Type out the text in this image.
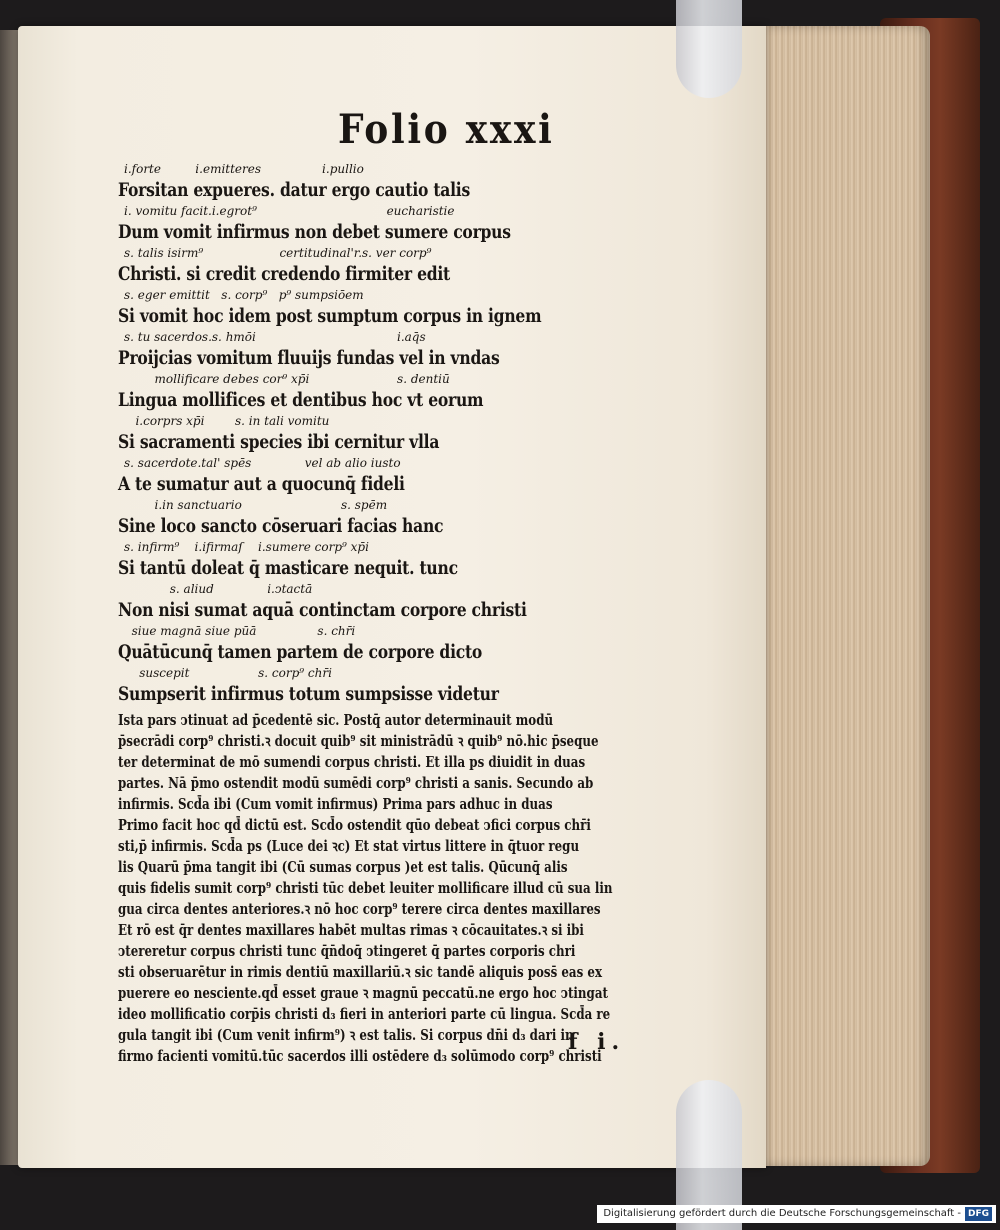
Folio xxxi
i.forte         i.emitteres                i.pullio
Forsitan expueres. datur ergo cautio talis
i. vomitu facit.i.egrot⁹                                  eucharistie
Dum vomit infirmus non debet sumere corpus
s. talis isirm⁹                    certitudinal'r.s. ver corp⁹
Christi. si credit credendo firmiter edit
s. eger emittit   s. corp⁹   p⁹ sumpsiōem
Si vomit hoc idem post sumptum corpus in ignem
s. tu sacerdos.s. hmōi                                     i.aq̄s
Proijcias vomitum fluuijs fundas vel in vndas
mollificare debes cor⁹ xp̄i                       s. dentiū
Lingua mollifices et dentibus hoc vt eorum
i.corprs xp̄i        s. in tali vomitu
Si sacramenti species ibi cernitur vlla
s. sacerdote.tal' spēs              vel ab alio iusto
A te sumatur aut a quocunq̄ fideli
i.in sanctuario                          s. spēm
Sine loco sancto cōseruari facias hanc
s. infirm⁹    i.ifirmaſ    i.sumere corp⁹ xp̄i
Si tantū doleat q̄ masticare nequit. tunc
s. aliud              i.ↄtactā
Non nisi sumat aquā continctam corpore christi
siue magnā siue pūā                s. chr̄i
Quātūcunq̄ tamen partem de corpore dicto
suscepit                  s. corp⁹ chr̄i
Sumpserit infirmus totum sumpsisse videtur
Ista pars ↄtinuat ad p̄cedentē sic. Postq̄ autor determinauit modū
p̄secrādi corp⁹ christi.ꝛ docuit quib⁹ sit ministrādū ꝛ quib⁹ nō.hic p̄seque
ter determinat de mō sumendi corpus christi. Et illa ps diuidit in duas
partes. Nā p̄mo ostendit modū sumēdi corp⁹ christi a sanis. Secundo ab
infirmis. Scd̄a ibi (Cum vomit infirmus) Prima pars adhuc in duas
Primo facit hoc qd̄ dictū est. Scd̄o ostendit qūo debeat ↄfici corpus chr̄i
sti,p̄ infirmis. Scd̄a ps (Luce dei ꝛc) Et stat virtus littere in q̄tuor regu
lis Quarū p̄ma tangit ibi (Cū sumas corpus )et est talis. Qūcunq̄ alis
quis fidelis sumit corp⁹ christi tūc debet leuiter mollificare illud cū sua lin
gua circa dentes anteriores.ꝛ nō hoc corp⁹ terere circa dentes maxillares
Et rō est q̄r dentes maxillares habēt multas rimas ꝛ cōcauitates.ꝛ si ibi
ↄtereretur corpus christi tunc q̄n̄doq̄ ↄtingeret q̄ partes corporis chri
sti obseruarētur in rimis dentiū maxillariū.ꝛ sic tandē aliquis poss̄ eas ex
puerere eo nesciente.qd̄ esset graue ꝛ magnū peccatū.ne ergo hoc ↄtingat
ideo mollificatio corp̄is christi d₃ fieri in anteriori parte cū lingua. Scd̄a re
gula tangit ibi (Cum venit infirm⁹) ꝛ est talis. Si corpus dn̄i d₃ dari in
firmo facienti vomitū.tūc sacerdos illi ostēdere d₃ solūmodo corp⁹ christi
f i.
Digitalisierung gefördert durch die Deutsche Forschungsgemeinschaft - DFG
